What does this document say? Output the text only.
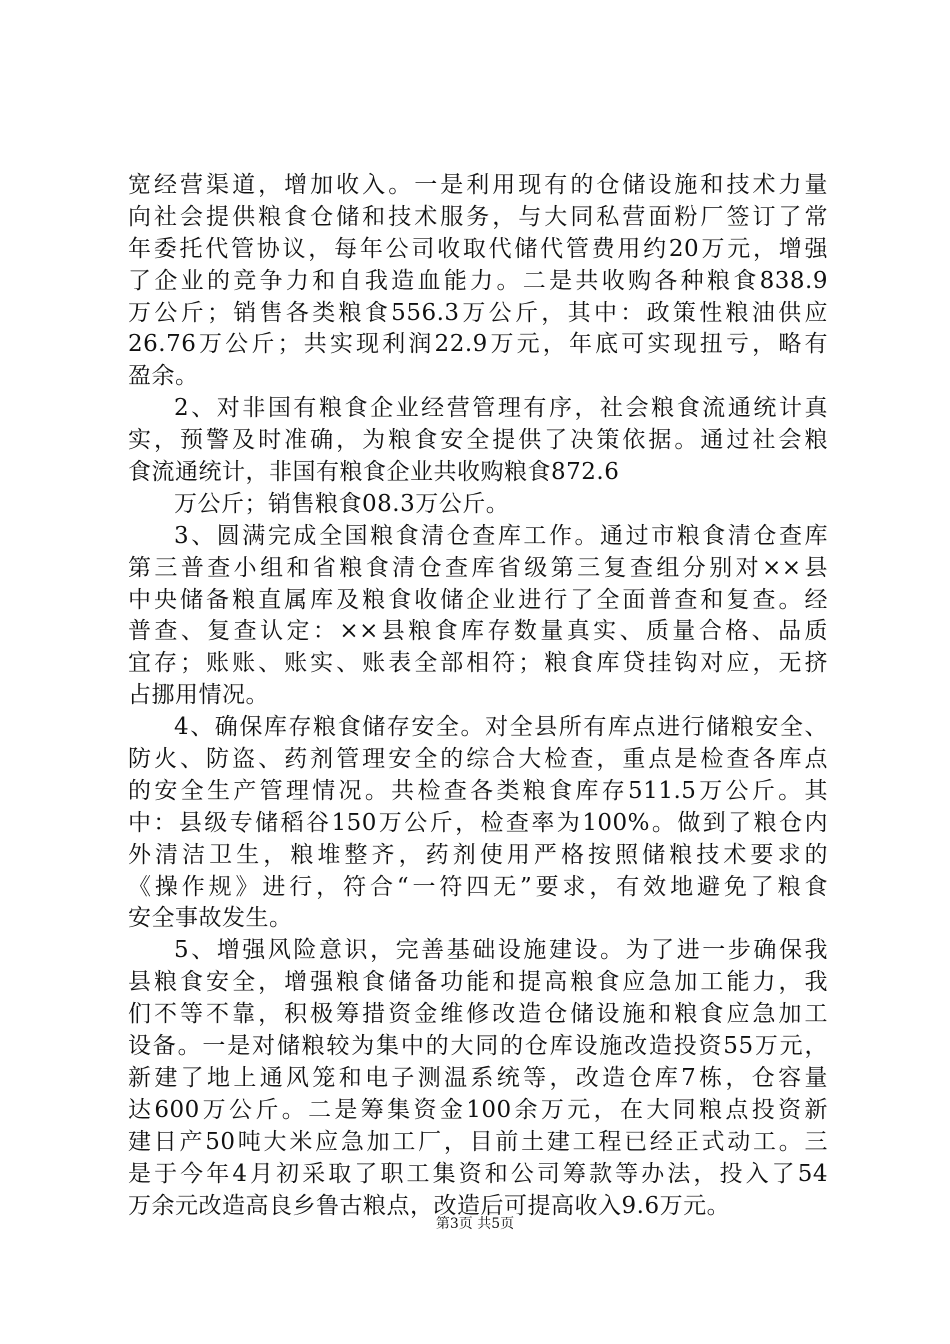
宽经营渠道，增加收入。一是利用现有的仓储设施和技术力量
向社会提供粮食仓储和技术服务，与大同私营面粉厂签订了常
年委托代管协议，每年公司收取代储代管费用约20万元，增强
了企业的竞争力和自我造血能力。二是共收购各种粮食838.9
万公斤；销售各类粮食556.3万公斤，其中：政策性粮油供应
26.76万公斤；共实现利润22.9万元，年底可实现扭亏，略有
盈余。
2、对非国有粮食企业经营管理有序，社会粮食流通统计真
实，预警及时准确，为粮食安全提供了决策依据。通过社会粮
食流通统计，非国有粮食企业共收购粮食872.6
万公斤；销售粮食08.3万公斤。
3、圆满完成全国粮食清仓查库工作。通过市粮食清仓查库
第三普查小组和省粮食清仓查库省级第三复查组分别对××县
中央储备粮直属库及粮食收储企业进行了全面普查和复查。经
普查、复查认定：××县粮食库存数量真实、质量合格、品质
宜存；账账、账实、账表全部相符；粮食库贷挂钩对应，无挤
占挪用情况。
4、确保库存粮食储存安全。对全县所有库点进行储粮安全、
防火、防盗、药剂管理安全的综合大检查，重点是检查各库点
的安全生产管理情况。共检查各类粮食库存511.5万公斤。其
中：县级专储稻谷150万公斤，检查率为100%。做到了粮仓内
外清洁卫生，粮堆整齐，药剂使用严格按照储粮技术要求的
《操作规》进行，符合“一符四无”要求，有效地避免了粮食
安全事故发生。
5、增强风险意识，完善基础设施建设。为了进一步确保我
县粮食安全，增强粮食储备功能和提高粮食应急加工能力，我
们不等不靠，积极筹措资金维修改造仓储设施和粮食应急加工
设备。一是对储粮较为集中的大同的仓库设施改造投资55万元，
新建了地上通风笼和电子测温系统等，改造仓库7栋，仓容量
达600万公斤。二是筹集资金100余万元，在大同粮点投资新
建日产50吨大米应急加工厂，目前土建工程已经正式动工。三
是于今年4月初采取了职工集资和公司筹款等办法，投入了54
万余元改造高良乡鲁古粮点，改造后可提高收入9.6万元。
第3页 共5页
